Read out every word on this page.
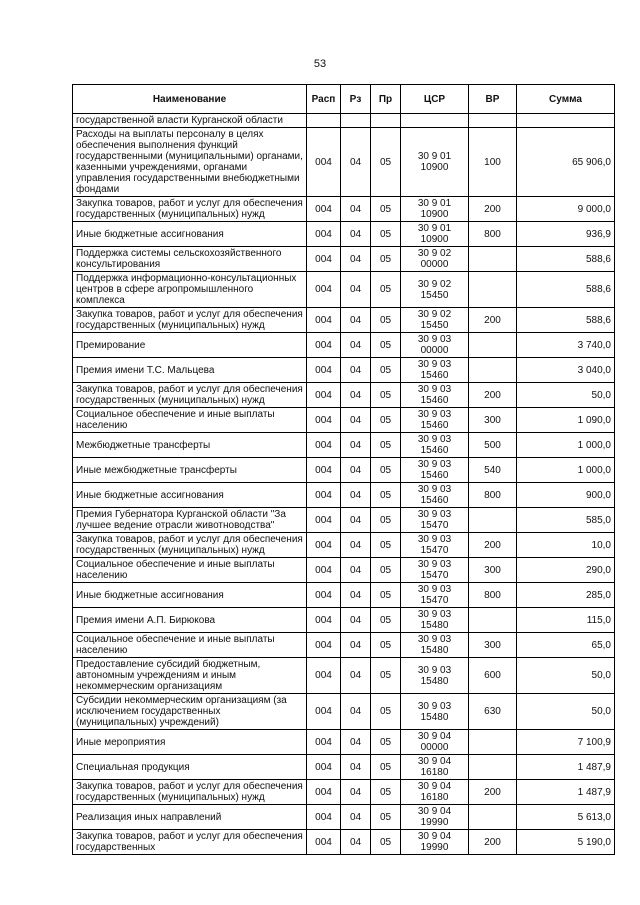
53
Наименование	Расп	Рз	Пр	ЦСР	ВР	Сумма
государственной власти Курганской области						
Расходы на выплаты персоналу в целях обеспечения выполнения функций государственными (муниципальными) органами, казенными учреждениями, органами управления государственными внебюджетными фондами	004	04	05	30 9 01 10900	100	65 906,0
Закупка товаров, работ и услуг для обеспечения государственных (муниципальных) нужд	004	04	05	30 9 01 10900	200	9 000,0
Иные бюджетные ассигнования	004	04	05	30 9 01 10900	800	936,9
Поддержка системы сельскохозяйственного консультирования	004	04	05	30 9 02 00000		588,6
Поддержка информационно-консультационных центров в сфере агропромышленного комплекса	004	04	05	30 9 02 15450		588,6
Закупка товаров, работ и услуг для обеспечения государственных (муниципальных) нужд	004	04	05	30 9 02 15450	200	588,6
Премирование	004	04	05	30 9 03 00000		3 740,0
Премия имени Т.С. Мальцева	004	04	05	30 9 03 15460		3 040,0
Закупка товаров, работ и услуг для обеспечения государственных (муниципальных) нужд	004	04	05	30 9 03 15460	200	50,0
Социальное обеспечение и иные выплаты населению	004	04	05	30 9 03 15460	300	1 090,0
Межбюджетные трансферты	004	04	05	30 9 03 15460	500	1 000,0
Иные межбюджетные трансферты	004	04	05	30 9 03 15460	540	1 000,0
Иные бюджетные ассигнования	004	04	05	30 9 03 15460	800	900,0
Премия Губернатора Курганской области "За лучшее ведение отрасли животноводства"	004	04	05	30 9 03 15470		585,0
Закупка товаров, работ и услуг для обеспечения государственных (муниципальных) нужд	004	04	05	30 9 03 15470	200	10,0
Социальное обеспечение и иные выплаты населению	004	04	05	30 9 03 15470	300	290,0
Иные бюджетные ассигнования	004	04	05	30 9 03 15470	800	285,0
Премия имени А.П. Бирюкова	004	04	05	30 9 03 15480		115,0
Социальное обеспечение и иные выплаты населению	004	04	05	30 9 03 15480	300	65,0
Предоставление субсидий бюджетным, автономным учреждениям и иным некоммерческим организациям	004	04	05	30 9 03 15480	600	50,0
Субсидии некоммерческим организациям (за исключением государственных (муниципальных) учреждений)	004	04	05	30 9 03 15480	630	50,0
Иные мероприятия	004	04	05	30 9 04 00000		7 100,9
Специальная продукция	004	04	05	30 9 04 16180		1 487,9
Закупка товаров, работ и услуг для обеспечения государственных (муниципальных) нужд	004	04	05	30 9 04 16180	200	1 487,9
Реализация иных направлений	004	04	05	30 9 04 19990		5 613,0
Закупка товаров, работ и услуг для обеспечения государственных	004	04	05	30 9 04 19990	200	5 190,0
